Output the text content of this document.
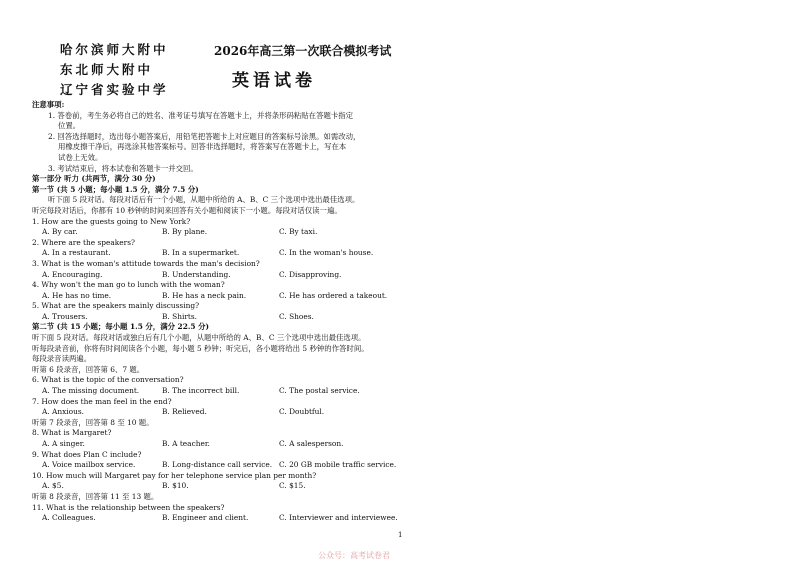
哈尔滨师大附中
东北师大附中
辽宁省实验中学
2026年高三第一次联合模拟考试
英语试卷
注意事项:
1. 答卷前，考生务必将自己的姓名、准考证号填写在答题卡上，并将条形码粘贴在答题卡指定
位置。
2. 回答选择题时，选出每小题答案后，用铅笔把答题卡上对应题目的答案标号涂黑。如需改动，
用橡皮擦干净后，再选涂其他答案标号。回答非选择题时，将答案写在答题卡上，写在本
试卷上无效。
3. 考试结束后，将本试卷和答题卡一并交回。
第一部分 听力 (共两节，满分 30 分)
第一节 (共 5 小题；每小题 1.5 分，满分 7.5 分)
听下面 5 段对话。每段对话后有一个小题，从题中所给的 A、B、C 三个选项中选出最佳选项。
听完每段对话后，你都有 10 秒钟的时间来回答有关小题和阅读下一小题。每段对话仅读一遍。
1. How are the guests going to New York?
A. By car.	B. By plane.	C. By taxi.
2. Where are the speakers?
A. In a restaurant.	B. In a supermarket.	C. In the woman's house.
3. What is the woman's attitude towards the man's decision?
A. Encouraging.	B. Understanding.	C. Disapproving.
4. Why won't the man go to lunch with the woman?
A. He has no time.	B. He has a neck pain.	C. He has ordered a takeout.
5. What are the speakers mainly discussing?
A. Trousers.	B. Shirts.	C. Shoes.
第二节 (共 15 小题；每小题 1.5 分，满分 22.5 分)
听下面 5 段对话。每段对话或独白后有几个小题，从题中所给的 A、B、C 三个选项中选出最佳选项。
听每段录音前，你将有时间阅读各个小题，每小题 5 秒钟；听完后，各小题将给出 5 秒钟的作答时间。
每段录音读两遍。
听第 6 段录音，回答第 6、7 题。
6. What is the topic of the conversation?
A. The missing document.	B. The incorrect bill.	C. The postal service.
7. How does the man feel in the end?
A. Anxious.	B. Relieved.	C. Doubtful.
听第 7 段录音，回答第 8 至 10 题。
8. What is Margaret?
A. A singer.	B. A teacher.	C. A salesperson.
9. What does Plan C include?
A. Voice mailbox service.	B. Long-distance call service. C. 20 GB mobile traffic service.
10. How much will Margaret pay for her telephone service plan per month?
A. $5.	B. $10.	C. $15.
听第 8 段录音，回答第 11 至 13 题。
11. What is the relationship between the speakers?
A. Colleagues.	B. Engineer and client.	C. Interviewer and interviewee.
1
公众号：高考试卷君
